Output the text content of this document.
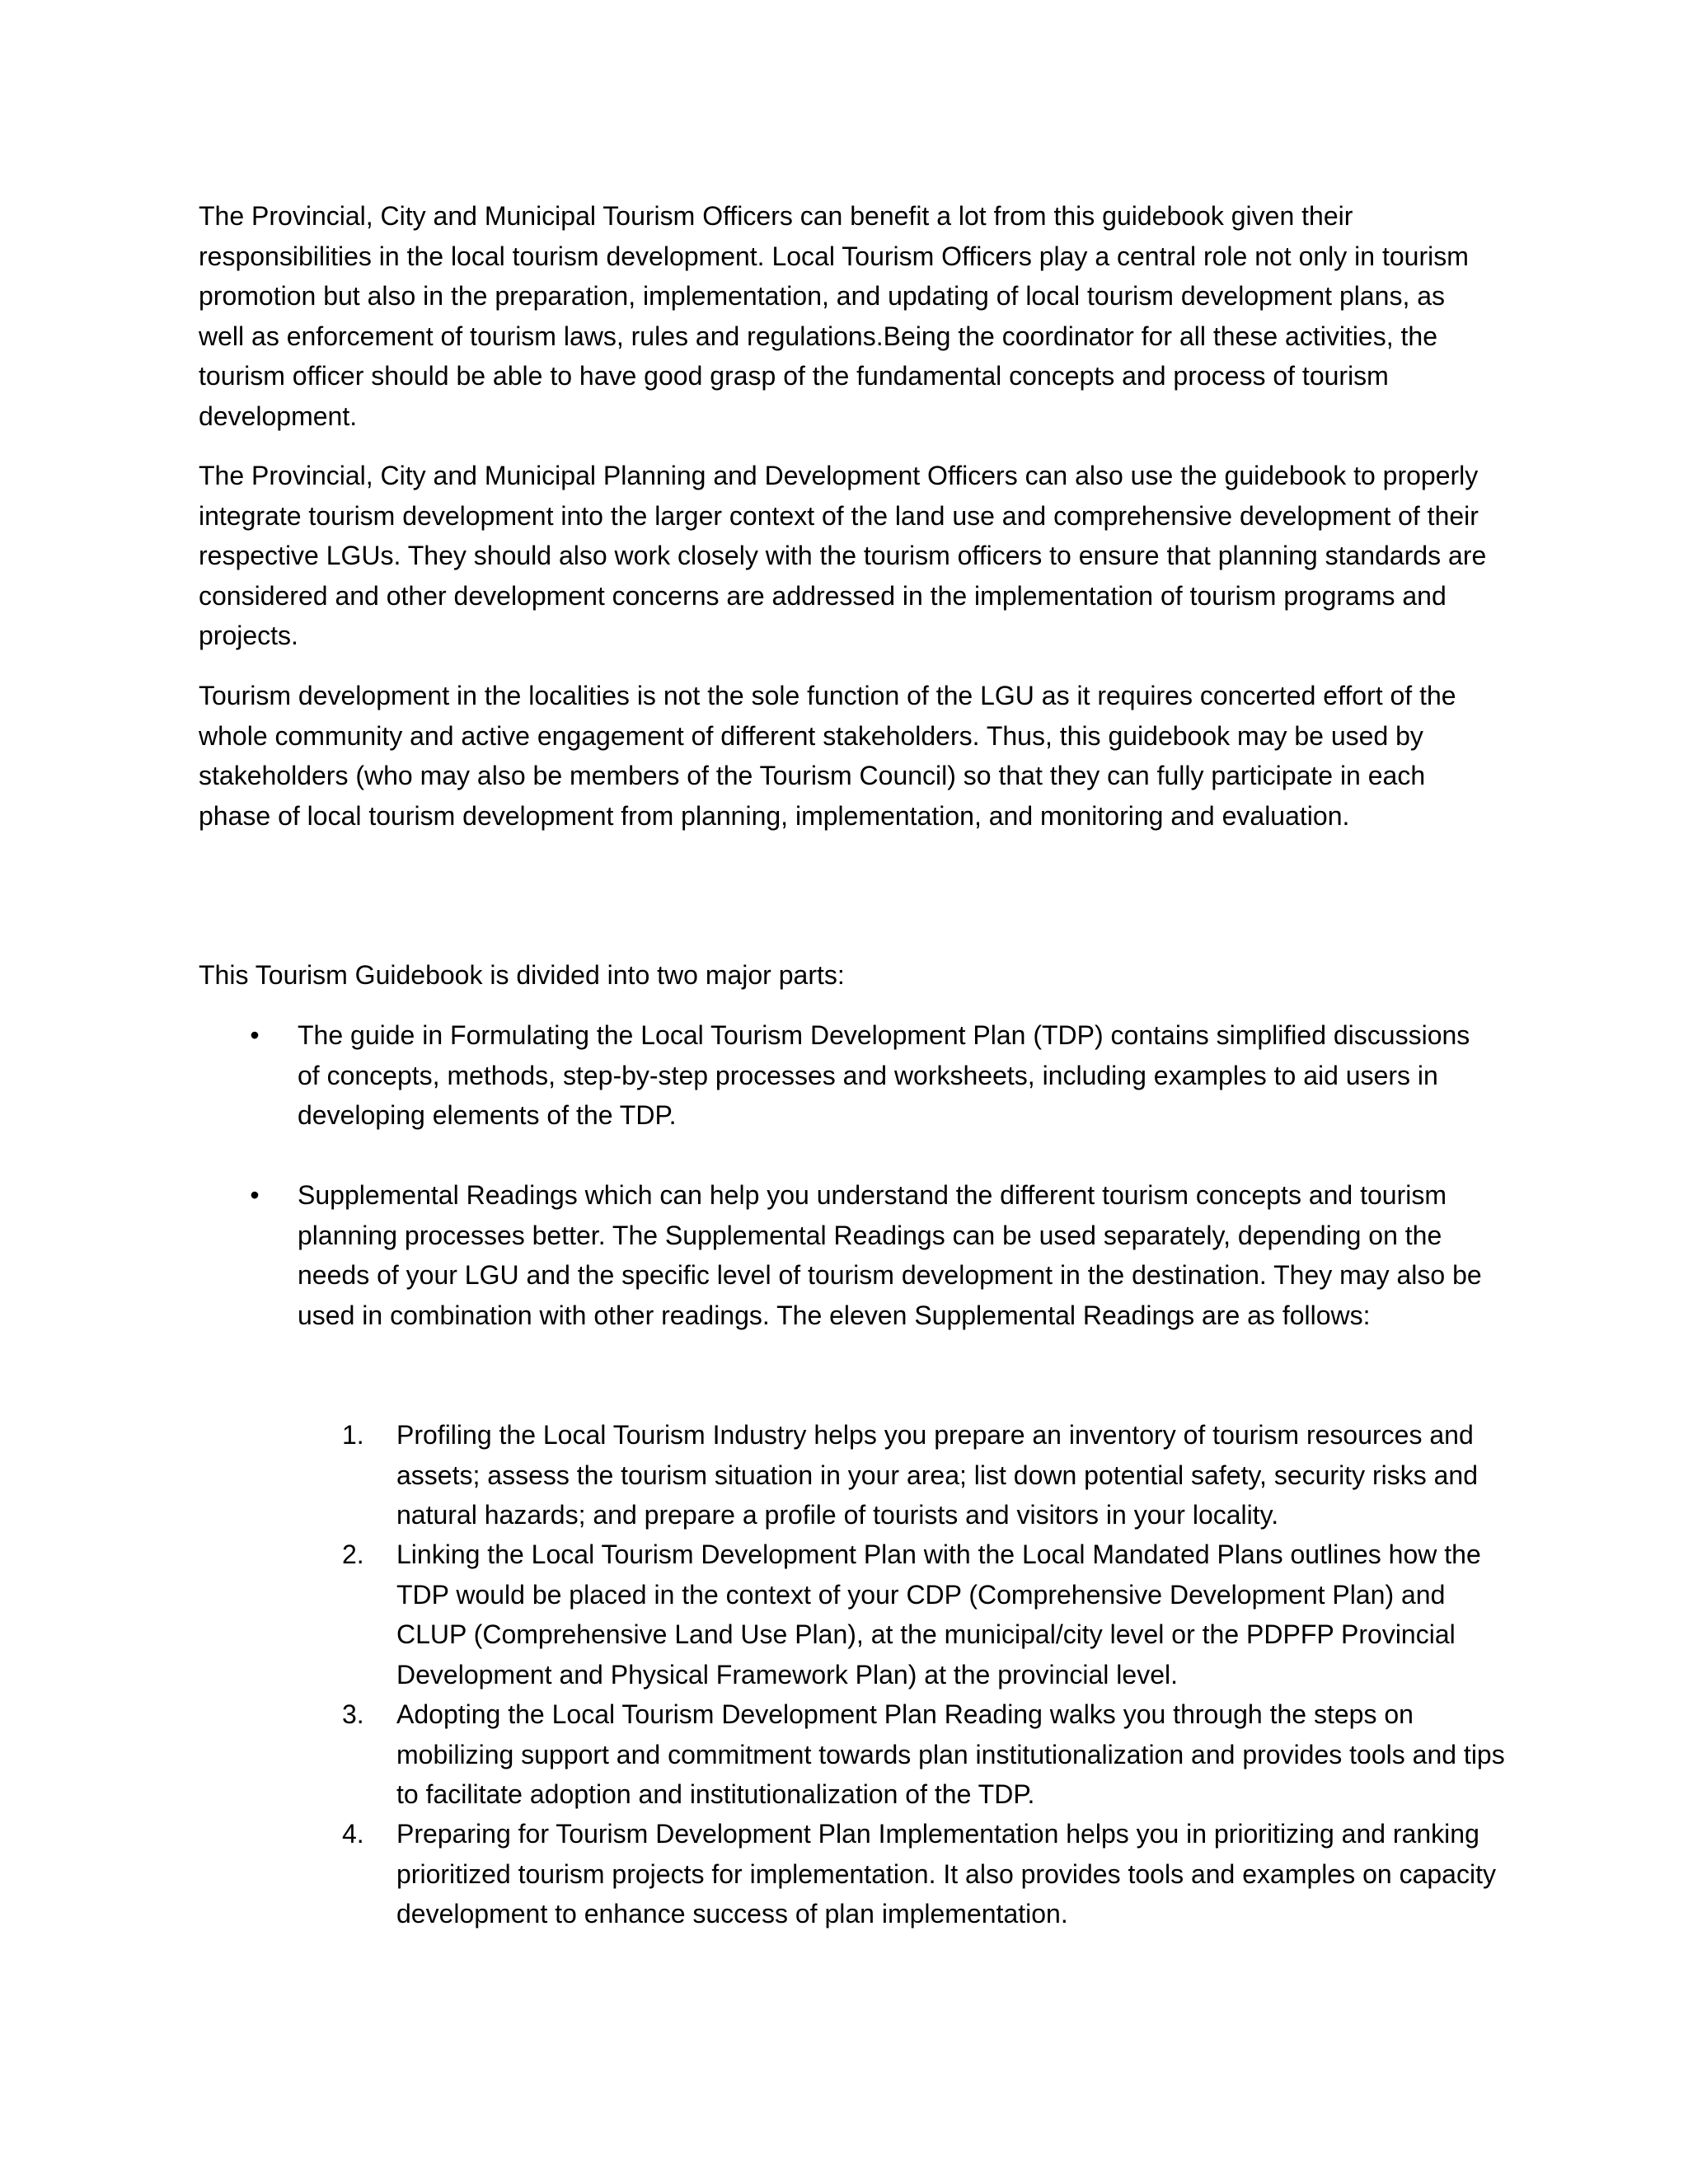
The Provincial, City and Municipal Tourism Officers can benefit a lot from this guidebook given their responsibilities in the local tourism development. Local Tourism Officers play a central role not only in tourism promotion but also in the preparation, implementation, and updating of local tourism development plans, as well as enforcement of tourism laws, rules and regulations.Being the coordinator for all these activities, the tourism officer should be able to have good grasp of the fundamental concepts and process of tourism development.

The Provincial, City and Municipal Planning and Development Officers can also use the guidebook to properly integrate tourism development into the larger context of the land use and comprehensive development of their respective LGUs. They should also work closely with the tourism officers to ensure that planning standards are considered and other development concerns are addressed in the implementation of tourism programs and projects.

Tourism development in the localities is not the sole function of the LGU as it requires concerted effort of the whole community and active engagement of different stakeholders. Thus, this guidebook may be used by stakeholders (who may also be members of the Tourism Council) so that they can fully participate in each phase of local tourism development from planning, implementation, and monitoring and evaluation.

This Tourism Guidebook is divided into two major parts:

• The guide in Formulating the Local Tourism Development Plan (TDP) contains simplified discussions of concepts, methods, step-by-step processes and worksheets, including examples to aid users in developing elements of the TDP.
• Supplemental Readings which can help you understand the different tourism concepts and tourism planning processes better. The Supplemental Readings can be used separately, depending on the needs of your LGU and the specific level of tourism development in the destination. They may also be used in combination with other readings. The eleven Supplemental Readings are as follows:
1.	Profiling the Local Tourism Industry helps you prepare an inventory of tourism resources and assets; assess the tourism situation in your area; list down potential safety, security risks and natural hazards; and prepare a profile of tourists and visitors in your locality.
2.	Linking the Local Tourism Development Plan with the Local Mandated Plans outlines how the TDP would be placed in the context of your CDP (Comprehensive Development Plan) and CLUP (Comprehensive Land Use Plan), at the municipal/city level or the PDPFP Provincial Development and Physical Framework Plan) at the provincial level.
3.	Adopting the Local Tourism Development Plan Reading walks you through the steps on mobilizing support and commitment towards plan institutionalization and provides tools and tips to facilitate adoption and institutionalization of the TDP.
4.	Preparing for Tourism Development Plan Implementation helps you in prioritizing and ranking prioritized tourism projects for implementation. It also provides tools and examples on capacity development to enhance success of plan implementation.
